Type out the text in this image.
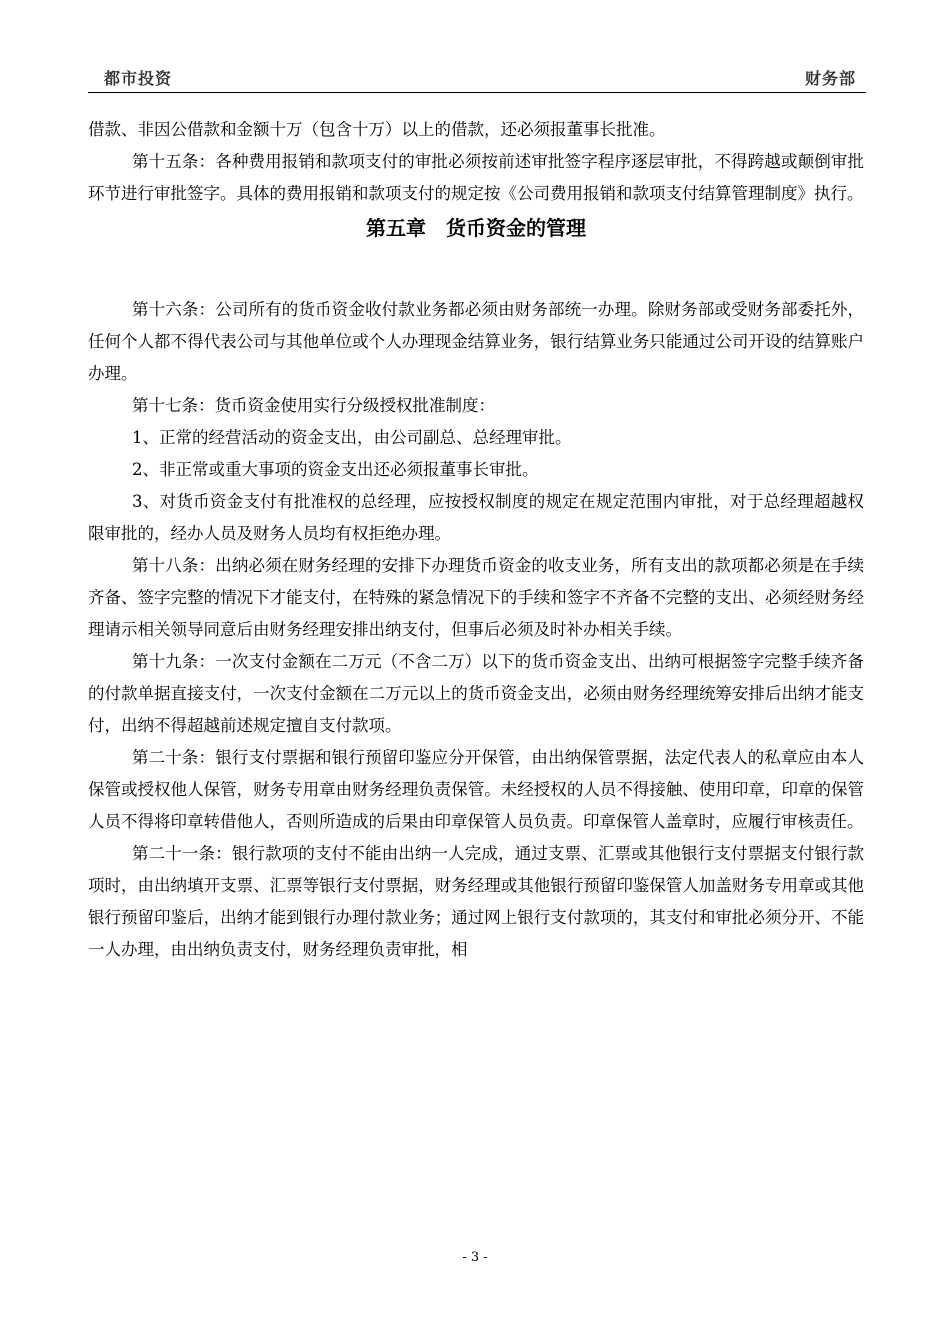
都市投资	财务部

借款、非因公借款和金额十万（包含十万）以上的借款，还必须报董事长批准。

第十五条：各种费用报销和款项支付的审批必须按前述审批签字程序逐层审批，不得跨越或颠倒审批环节进行审批签字。具体的费用报销和款项支付的规定按《公司费用报销和款项支付结算管理制度》执行。

第五章　货币资金的管理

第十六条：公司所有的货币资金收付款业务都必须由财务部统一办理。除财务部或受财务部委托外，任何个人都不得代表公司与其他单位或个人办理现金结算业务，银行结算业务只能通过公司开设的结算账户办理。

第十七条：货币资金使用实行分级授权批准制度：

1、正常的经营活动的资金支出，由公司副总、总经理审批。

2、非正常或重大事项的资金支出还必须报董事长审批。

3、对货币资金支付有批准权的总经理，应按授权制度的规定在规定范围内审批，对于总经理超越权限审批的，经办人员及财务人员均有权拒绝办理。

第十八条：出纳必须在财务经理的安排下办理货币资金的收支业务，所有支出的款项都必须是在手续齐备、签字完整的情况下才能支付，在特殊的紧急情况下的手续和签字不齐备不完整的支出、必须经财务经理请示相关领导同意后由财务经理安排出纳支付，但事后必须及时补办相关手续。

第十九条：一次支付金额在二万元（不含二万）以下的货币资金支出、出纳可根据签字完整手续齐备的付款单据直接支付，一次支付金额在二万元以上的货币资金支出，必须由财务经理统筹安排后出纳才能支付，出纳不得超越前述规定擅自支付款项。

第二十条：银行支付票据和银行预留印鉴应分开保管，由出纳保管票据，法定代表人的私章应由本人保管或授权他人保管，财务专用章由财务经理负责保管。未经授权的人员不得接触、使用印章，印章的保管人员不得将印章转借他人，否则所造成的后果由印章保管人员负责。印章保管人盖章时，应履行审核责任。

第二十一条：银行款项的支付不能由出纳一人完成，通过支票、汇票或其他银行支付票据支付银行款项时，由出纳填开支票、汇票等银行支付票据，财务经理或其他银行预留印鉴保管人加盖财务专用章或其他银行预留印鉴后，出纳才能到银行办理付款业务；通过网上银行支付款项的，其支付和审批必须分开、不能一人办理，由出纳负责支付，财务经理负责审批，相

- 3 -
